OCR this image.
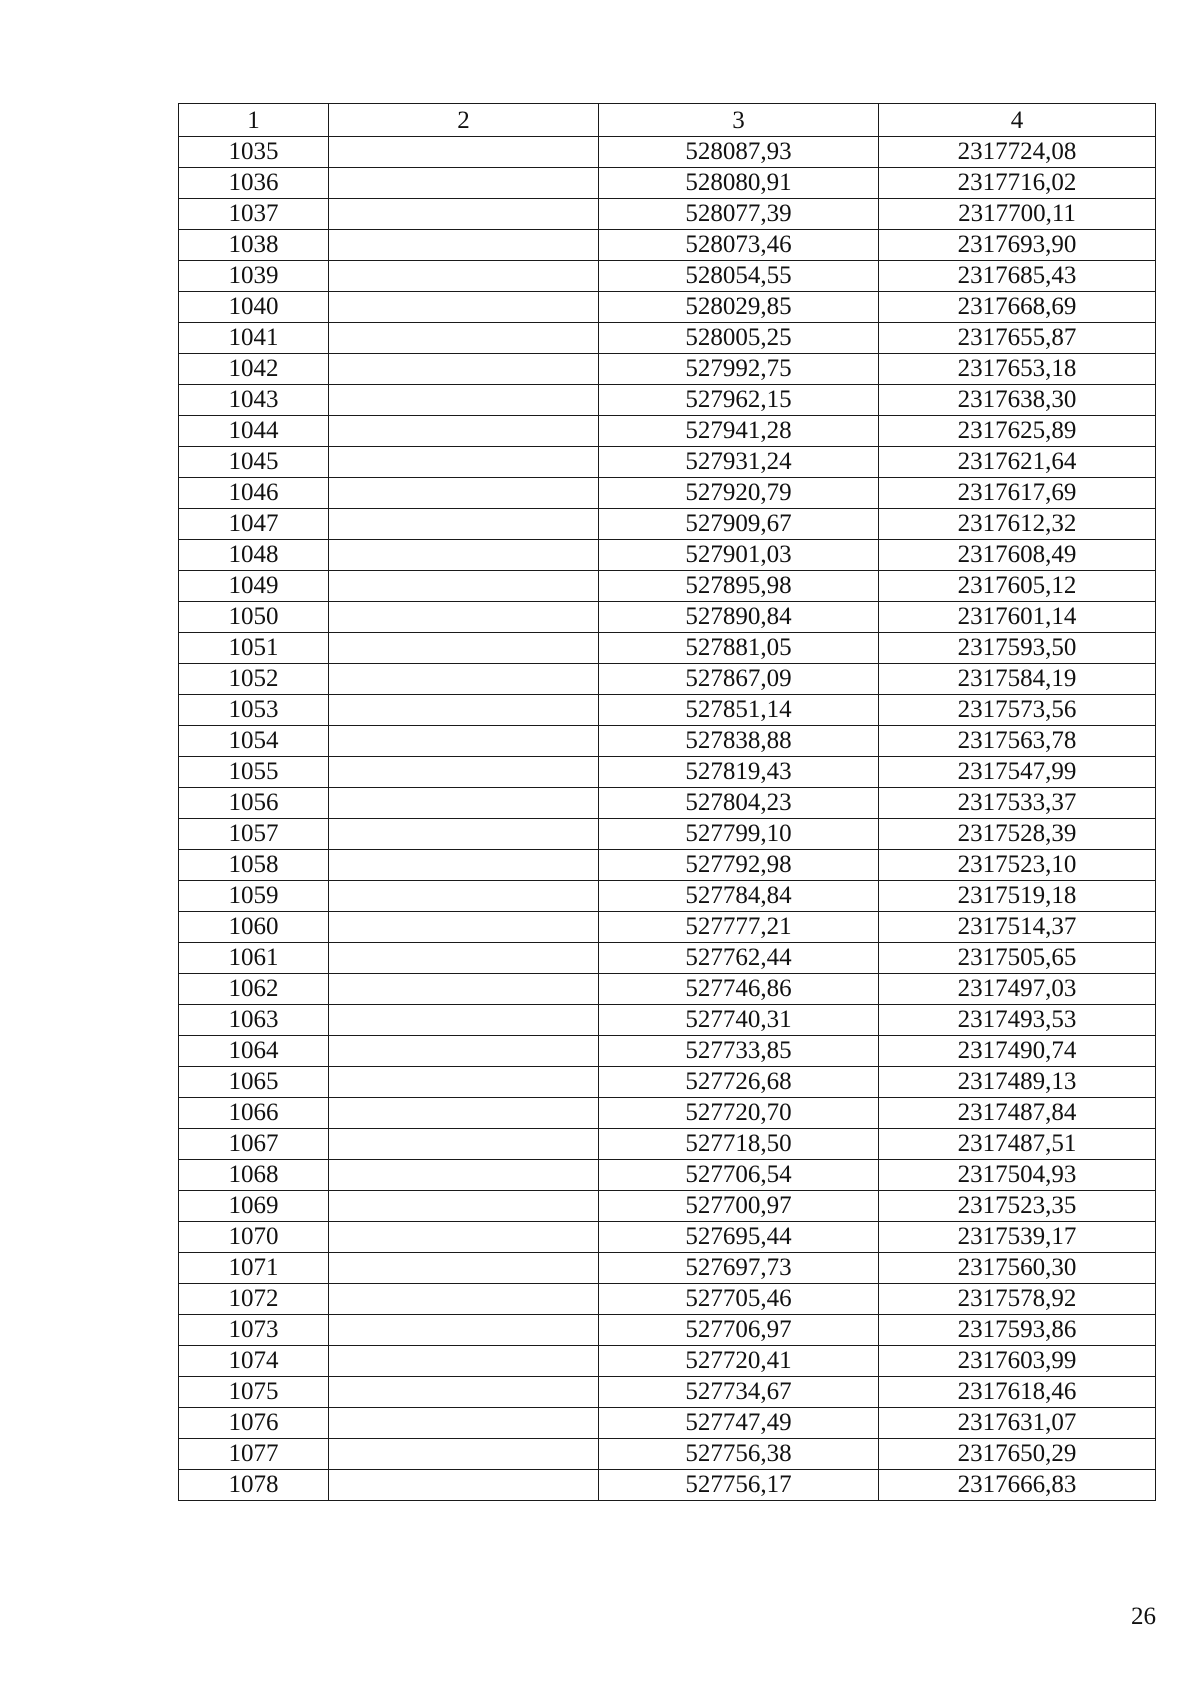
1	2	3	4
1035		528087,93	2317724,08
1036		528080,91	2317716,02
1037		528077,39	2317700,11
1038		528073,46	2317693,90
1039		528054,55	2317685,43
1040		528029,85	2317668,69
1041		528005,25	2317655,87
1042		527992,75	2317653,18
1043		527962,15	2317638,30
1044		527941,28	2317625,89
1045		527931,24	2317621,64
1046		527920,79	2317617,69
1047		527909,67	2317612,32
1048		527901,03	2317608,49
1049		527895,98	2317605,12
1050		527890,84	2317601,14
1051		527881,05	2317593,50
1052		527867,09	2317584,19
1053		527851,14	2317573,56
1054		527838,88	2317563,78
1055		527819,43	2317547,99
1056		527804,23	2317533,37
1057		527799,10	2317528,39
1058		527792,98	2317523,10
1059		527784,84	2317519,18
1060		527777,21	2317514,37
1061		527762,44	2317505,65
1062		527746,86	2317497,03
1063		527740,31	2317493,53
1064		527733,85	2317490,74
1065		527726,68	2317489,13
1066		527720,70	2317487,84
1067		527718,50	2317487,51
1068		527706,54	2317504,93
1069		527700,97	2317523,35
1070		527695,44	2317539,17
1071		527697,73	2317560,30
1072		527705,46	2317578,92
1073		527706,97	2317593,86
1074		527720,41	2317603,99
1075		527734,67	2317618,46
1076		527747,49	2317631,07
1077		527756,38	2317650,29
1078		527756,17	2317666,83
26
